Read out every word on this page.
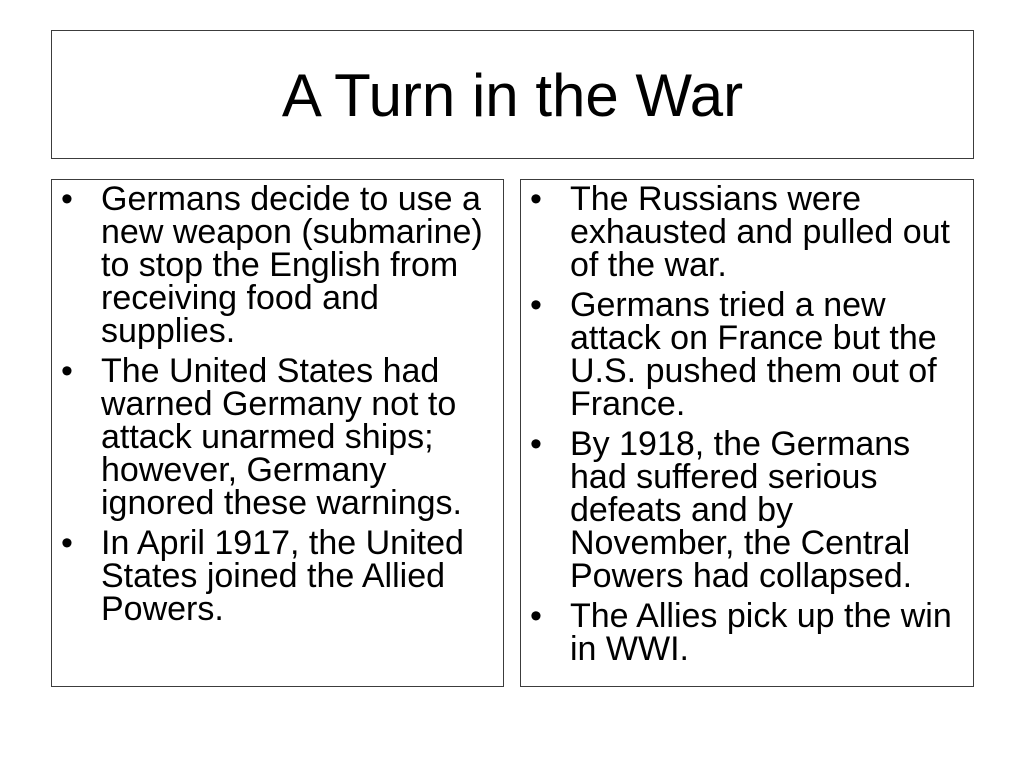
A Turn in the War
• Germans decide to use a
new weapon (submarine)
to stop the English from
receiving food and
supplies.
• The United States had
warned Germany not to
attack unarmed ships;
however, Germany
ignored these warnings.
• In April 1917, the United
States joined the Allied
Powers.
• The Russians were
exhausted and pulled out
of the war.
• Germans tried a new
attack on France but the
U.S. pushed them out of
France.
• By 1918, the Germans
had suffered serious
defeats and by
November, the Central
Powers had collapsed.
• The Allies pick up the win
in WWI.
